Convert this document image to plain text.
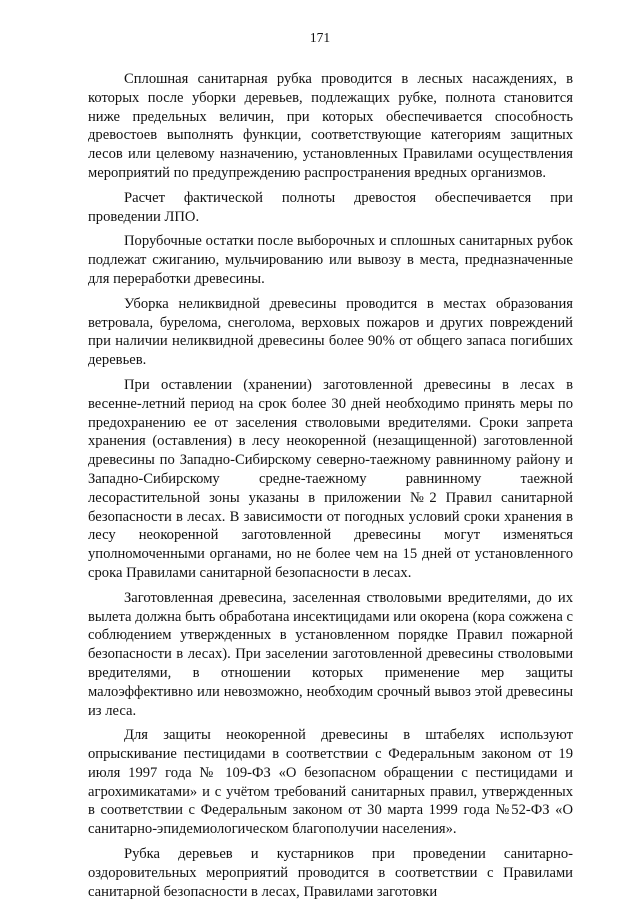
171

Сплошная санитарная рубка проводится в лесных насаждениях, в которых после уборки деревьев, подлежащих рубке, полнота становится ниже предельных величин, при которых обеспечивается способность древостоев выполнять функции, соответствующие категориям защитных лесов или целевому назначению, установленных Правилами осуществления мероприятий по предупреждению распространения вредных организмов.

Расчет фактической полноты древостоя обеспечивается при проведении ЛПО.

Порубочные остатки после выборочных и сплошных санитарных рубок подлежат сжиганию, мульчированию или вывозу в места, предназначенные для переработки древесины.

Уборка неликвидной древесины проводится в местах образования ветровала, бурелома, снеголома, верховых пожаров и других повреждений при наличии неликвидной древесины более 90% от общего запаса погибших деревьев.

При оставлении (хранении) заготовленной древесины в лесах в весенне-летний период на срок более 30 дней необходимо принять меры по предохранению ее от заселения стволовыми вредителями. Сроки запрета хранения (оставления) в лесу неокоренной (незащищенной) заготовленной древесины по Западно-Сибирскому северно-таежному равнинному району и Западно-Сибирскому средне-таежному равнинному таежной лесорастительной зоны указаны в приложении №2 Правил санитарной безопасности в лесах. В зависимости от погодных условий сроки хранения в лесу неокоренной заготовленной древесины могут изменяться уполномоченными органами, но не более чем на 15 дней от установленного срока Правилами санитарной безопасности в лесах.

Заготовленная древесина, заселенная стволовыми вредителями, до их вылета должна быть обработана инсектицидами или окорена (кора сожжена с соблюдением утвержденных в установленном порядке Правил пожарной безопасности в лесах). При заселении заготовленной древесины стволовыми вредителями, в отношении которых применение мер защиты малоэффективно или невозможно, необходим срочный вывоз этой древесины из леса.

Для защиты неокоренной древесины в штабелях используют опрыскивание пестицидами в соответствии с Федеральным законом от 19 июля 1997 года № 109-ФЗ «О безопасном обращении с пестицидами и агрохимикатами» и с учётом требований санитарных правил, утвержденных в соответствии с Федеральным законом от 30 марта 1999 года №52-ФЗ «О санитарно-эпидемиологическом благополучии населения».

Рубка деревьев и кустарников при проведении санитарно-оздоровительных мероприятий проводится в соответствии с Правилами санитарной безопасности в лесах, Правилами заготовки
